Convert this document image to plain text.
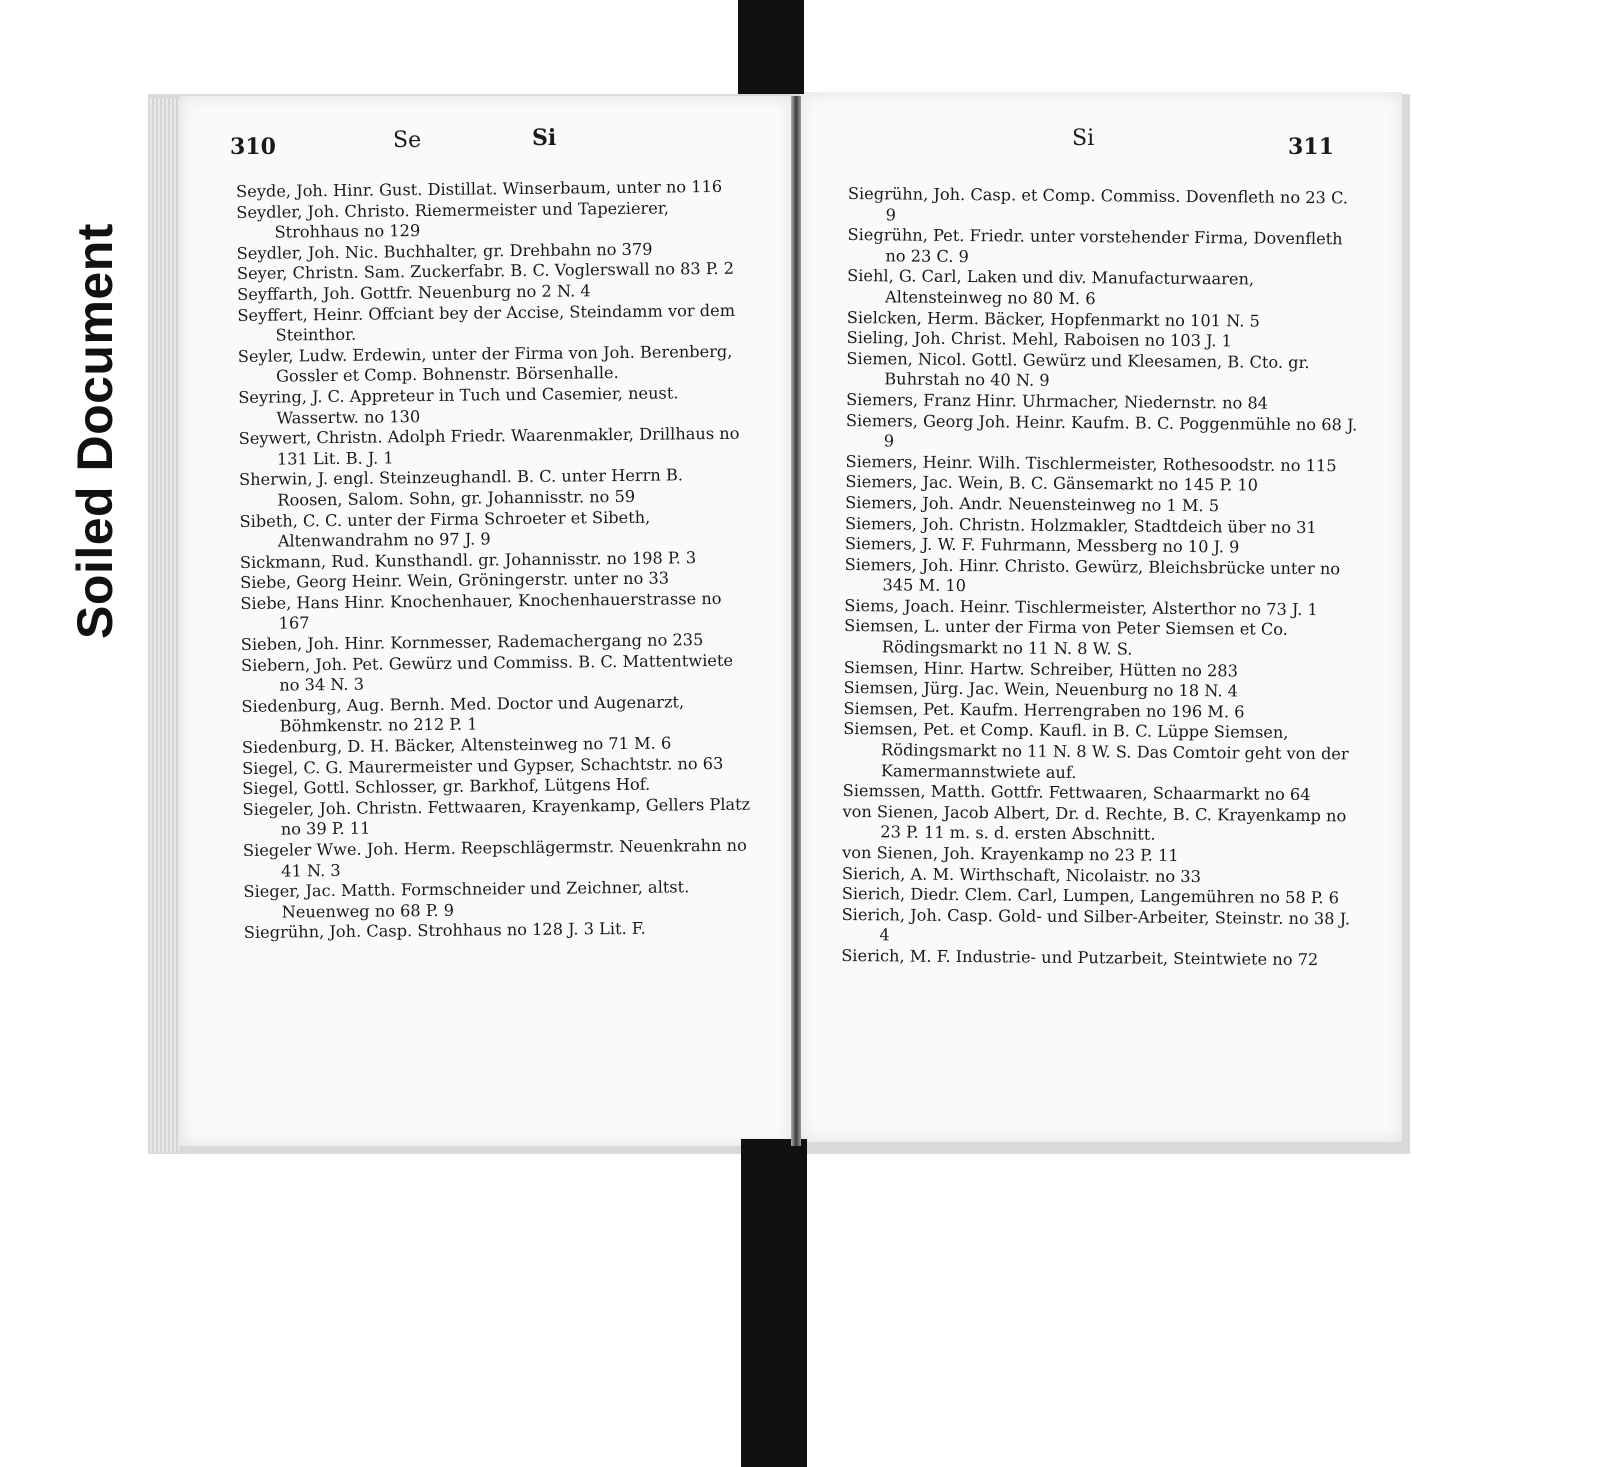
Soiled Document
310	Se	Si	Si	311
Seyde, Joh. Hinr. Gust. Distillat. Winserbaum, unter no 116
Seydler, Joh. Christo. Riemermeister und Tapezierer, Strohhaus no 129
Seydler, Joh. Nic. Buchhalter, gr. Drehbahn no 379
Seyer, Christn. Sam. Zuckerfabr. B. C. Voglerswall no 83 P. 2
Seyffarth, Joh. Gottfr. Neuenburg no 2 N. 4
Seyffert, Heinr. Offciant bey der Accise, Steindamm vor dem Steinthor.
Seyler, Ludw. Erdewin, unter der Firma von Joh. Berenberg, Gossler et Comp. Bohnenstr. Börsenhalle.
Seyring, J. C. Appreteur in Tuch und Casemier, neust. Wassertw. no 130
Seywert, Christn. Adolph Friedr. Waarenmakler, Drillhaus no 131 Lit. B. J. 1
Sherwin, J. engl. Steinzeughandl. B. C. unter Herrn B. Roosen, Salom. Sohn, gr. Johannisstr. no 59
Sibeth, C. C. unter der Firma Schroeter et Sibeth, Altenwandrahm no 97 J. 9
Sickmann, Rud. Kunsthandl. gr. Johannisstr. no 198 P. 3
Siebe, Georg Heinr. Wein, Gröningerstr. unter no 33
Siebe, Hans Hinr. Knochenhauer, Knochenhauerstrasse no 167
Sieben, Joh. Hinr. Kornmesser, Rademachergang no 235
Siebern, Joh. Pet. Gewürz und Commiss. B. C. Mattentwiete no 34 N. 3
Siedenburg, Aug. Bernh. Med. Doctor und Augenarzt, Böhmkenstr. no 212 P. 1
Siedenburg, D. H. Bäcker, Altensteinweg no 71 M. 6
Siegel, C. G. Maurermeister und Gypser, Schachtstr. no 63
Siegel, Gottl. Schlosser, gr. Barkhof, Lütgens Hof.
Siegeler, Joh. Christn. Fettwaaren, Krayenkamp, Gellers Platz no 39 P. 11
Siegeler Wwe. Joh. Herm. Reepschlägermstr. Neuenkrahn no 41 N. 3
Sieger, Jac. Matth. Formschneider und Zeichner, altst. Neuenweg no 68 P. 9
Siegrühn, Joh. Casp. Strohhaus no 128 J. 3 Lit. F.
Siegrühn, Joh. Casp. et Comp. Commiss. Dovenfleth no 23 C. 9
Siegrühn, Pet. Friedr. unter vorstehender Firma, Dovenfleth no 23 C. 9
Siehl, G. Carl, Laken und div. Manufacturwaaren, Altensteinweg no 80 M. 6
Sielcken, Herm. Bäcker, Hopfenmarkt no 101 N. 5
Sieling, Joh. Christ. Mehl, Raboisen no 103 J. 1
Siemen, Nicol. Gottl. Gewürz und Kleesamen, B. Cto. gr. Buhrstah no 40 N. 9
Siemers, Franz Hinr. Uhrmacher, Niedernstr. no 84
Siemers, Georg Joh. Heinr. Kaufm. B. C. Poggenmühle no 68 J. 9
Siemers, Heinr. Wilh. Tischlermeister, Rothesoodstr. no 115
Siemers, Jac. Wein, B. C. Gänsemarkt no 145 P. 10
Siemers, Joh. Andr. Neuensteinweg no 1 M. 5
Siemers, Joh. Christn. Holzmakler, Stadtdeich über no 31
Siemers, J. W. F. Fuhrmann, Messberg no 10 J. 9
Siemers, Joh. Hinr. Christo. Gewürz, Bleichsbrücke unter no 345 M. 10
Siems, Joach. Heinr. Tischlermeister, Alsterthor no 73 J. 1
Siemsen, L. unter der Firma von Peter Siemsen et Co. Rödingsmarkt no 11 N. 8 W. S.
Siemsen, Hinr. Hartw. Schreiber, Hütten no 283
Siemsen, Jürg. Jac. Wein, Neuenburg no 18 N. 4
Siemsen, Pet. Kaufm. Herrengraben no 196 M. 6
Siemsen, Pet. et Comp. Kaufl. in B. C. Lüppe Siemsen, Rödingsmarkt no 11 N. 8 W. S. Das Comtoir geht von der Kamermannstwiete auf.
Siemssen, Matth. Gottfr. Fettwaaren, Schaarmarkt no 64
von Sienen, Jacob Albert, Dr. d. Rechte, B. C. Krayenkamp no 23 P. 11 m. s. d. ersten Abschnitt.
von Sienen, Joh. Krayenkamp no 23 P. 11
Sierich, A. M. Wirthschaft, Nicolaistr. no 33
Sierich, Diedr. Clem. Carl, Lumpen, Langemühren no 58 P. 6
Sierich, Joh. Casp. Gold- und Silber-Arbeiter, Steinstr. no 38 J. 4
Sierich, M. F. Industrie- und Putzarbeit, Steintwiete no 72
